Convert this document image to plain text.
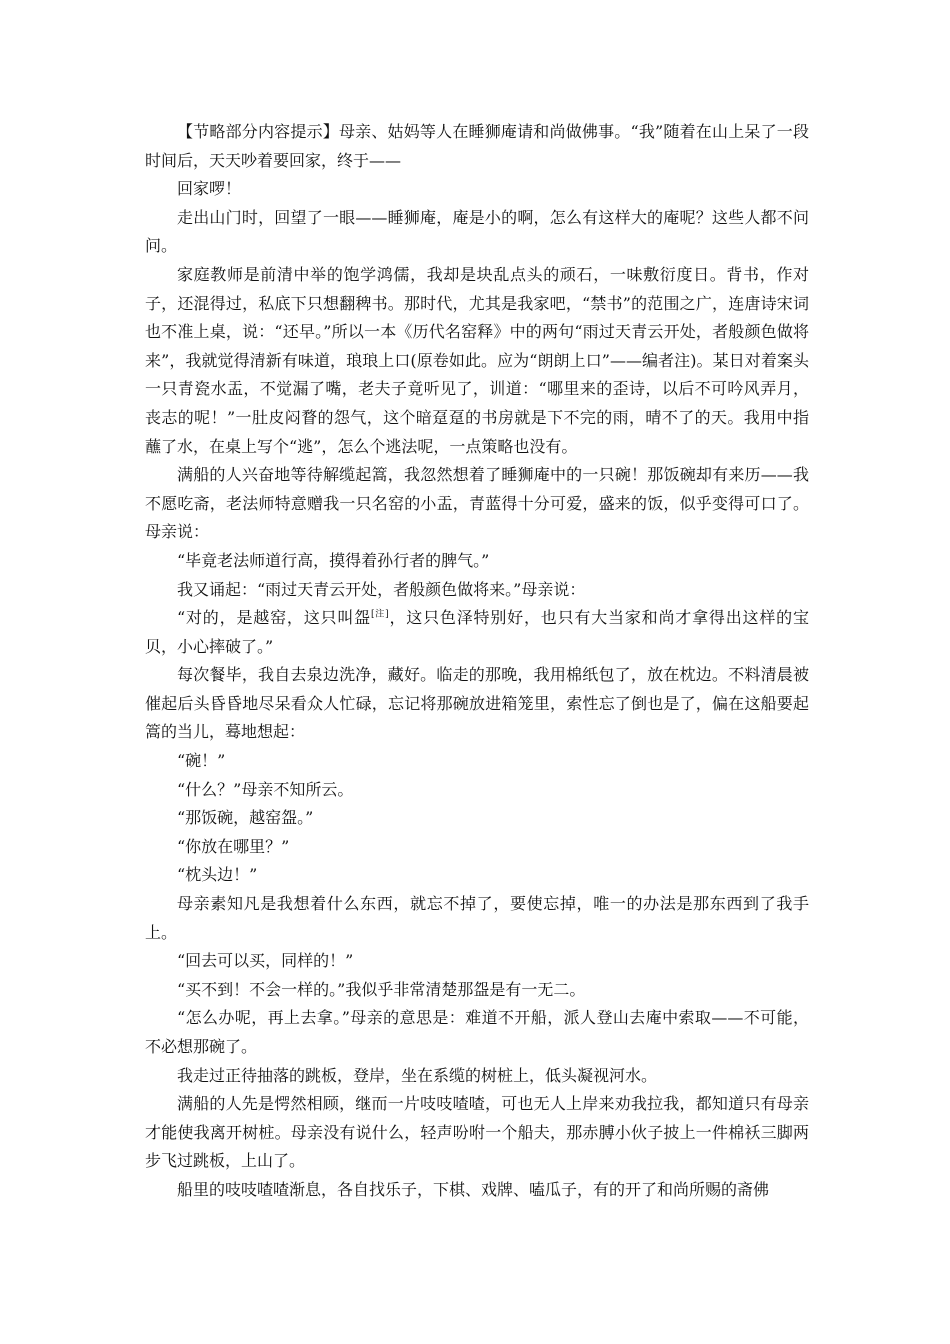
【节略部分内容提示】母亲、姑妈等人在睡狮庵请和尚做佛事。“我”随着在山上呆了一段时间后，天天吵着要回家，终于——

回家啰！

走出山门时，回望了一眼——睡狮庵，庵是小的啊，怎么有这样大的庵呢？这些人都不问问。

家庭教师是前清中举的饱学鸿儒，我却是块乱点头的顽石，一味敷衍度日。背书，作对子，还混得过，私底下只想翻稗书。那时代，尤其是我家吧，“禁书”的范围之广，连唐诗宋词也不准上桌，说：“还早。”所以一本《历代名窑释》中的两句“雨过天青云开处，者般颜色做将来”，我就觉得清新有味道，琅琅上口(原卷如此。应为“朗朗上口”——编者注)。某日对着案头一只青瓷水盂，不觉漏了嘴，老夫子竟听见了，训道：“哪里来的歪诗，以后不可吟风弄月，丧志的呢！”一肚皮闷瞀的怨气，这个暗趸趸的书房就是下不完的雨，晴不了的天。我用中指蘸了水，在桌上写个“逃”，怎么个逃法呢，一点策略也没有。

满船的人兴奋地等待解缆起篙，我忽然想着了睡狮庵中的一只碗！那饭碗却有来历——我不愿吃斋，老法师特意赠我一只名窑的小盂，青蓝得十分可爱，盛来的饭，似乎变得可口了。母亲说：

“毕竟老法师道行高，摸得着孙行者的脾气。”

我又诵起：“雨过天青云开处，者般颜色做将来。”母亲说：

“对的，是越窑，这只叫盌[注]，这只色泽特别好，也只有大当家和尚才拿得出这样的宝贝，小心摔破了。”

每次餐毕，我自去泉边洗净，藏好。临走的那晚，我用棉纸包了，放在枕边。不料清晨被催起后头昏昏地尽呆看众人忙碌，忘记将那碗放进箱笼里，索性忘了倒也是了，偏在这船要起篙的当儿，蓦地想起：

“碗！”

“什么？”母亲不知所云。

“那饭碗，越窑盌。”

“你放在哪里？”

“枕头边！”

母亲素知凡是我想着什么东西，就忘不掉了，要使忘掉，唯一的办法是那东西到了我手上。

“回去可以买，同样的！”

“买不到！不会一样的。”我似乎非常清楚那盌是有一无二。

“怎么办呢，再上去拿。”母亲的意思是：难道不开船，派人登山去庵中索取——不可能，不必想那碗了。

我走过正待抽落的跳板，登岸，坐在系缆的树桩上，低头凝视河水。

满船的人先是愕然相顾，继而一片吱吱喳喳，可也无人上岸来劝我拉我，都知道只有母亲才能使我离开树桩。母亲没有说什么，轻声吩咐一个船夫，那赤膊小伙子披上一件棉袄三脚两步飞过跳板，上山了。

船里的吱吱喳喳渐息，各自找乐子，下棋、戏牌、嗑瓜子，有的开了和尚所赐的斋佛
